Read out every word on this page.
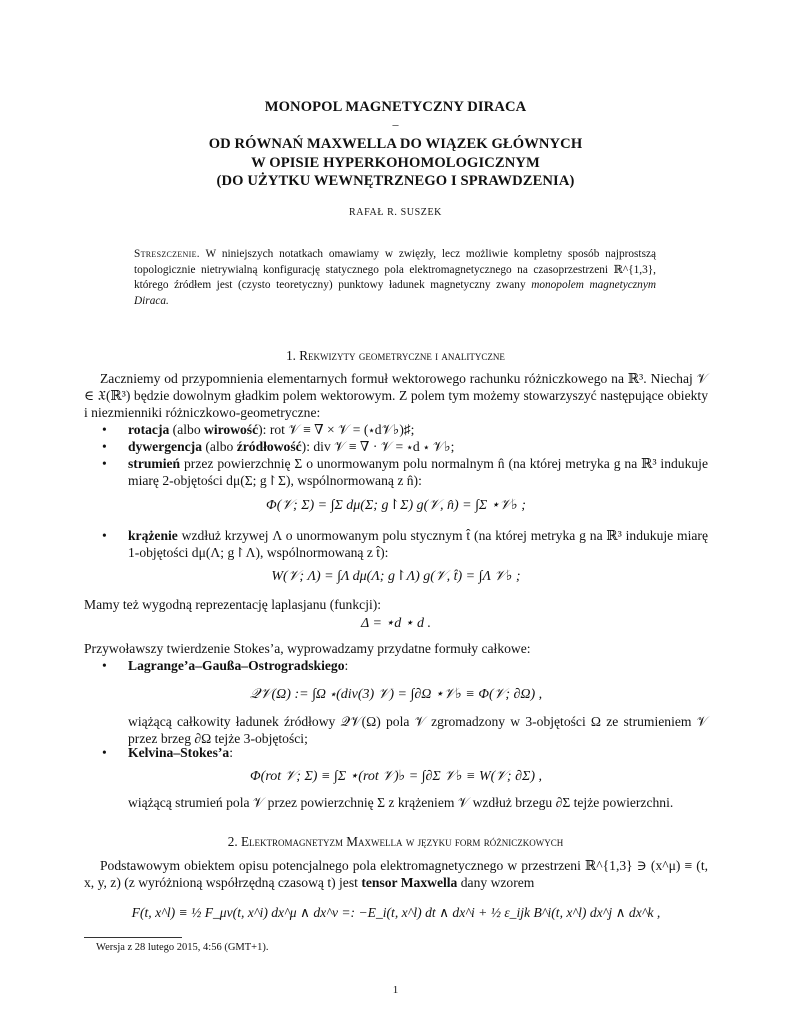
MONOPOL MAGNETYCZNY DIRACA
–
OD RÓWNAŃ MAXWELLA DO WIĄZEK GŁÓWNYCH
W OPISIE HYPERKOHOMOLOGICZNYM
(DO UŻYTKU WEWNĘTRZNEGO I SPRAWDZENIA)
RAFAŁ R. SUSZEK
Streszczenie. W niniejszych notatkach omawiamy w zwięzły, lecz możliwie kompletny sposób najprostszą topologicznie nietrywialną konfigurację statycznego pola elektromagnetycznego na czasoprzestrzeni ℝ^{1,3}, którego źródłem jest (czysto teoretyczny) punktowy ładunek magnetyczny zwany monopolem magnetycznym Diraca.
1. Rekwizyty geometryczne i analityczne
Zaczniemy od przypomnienia elementarnych formuł wektorowego rachunku różniczkowego na ℝ³. Niechaj 𝒱 ∈ 𝔛(ℝ³) będzie dowolnym gładkim polem wektorowym. Z polem tym możemy stowarzyszyć następujące obiekty i niezmienniki różniczkowo-geometryczne:
• rotacja (albo wirowość): rot 𝒱 ≡ ∇ × 𝒱 = (⋆d𝒱♭)♯;
• dywergencja (albo źródłowość): div 𝒱 ≡ ∇ · 𝒱 = ⋆d ⋆ 𝒱♭;
• strumień przez powierzchnię Σ o unormowanym polu normalnym n̂ (na której metryka g na ℝ³ indukuje miarę 2-objętości dμ(Σ; g↾Σ), wspólnormowaną z n̂):
Φ(𝒱; Σ) = ∫Σ dμ(Σ; g↾Σ) g(𝒱, n̂) = ∫Σ ⋆𝒱♭ ;
• krążenie wzdłuż krzywej Λ o unormowanym polu stycznym t̂ (na której metryka g na ℝ³ indukuje miarę 1-objętości dμ(Λ; g↾Λ), wspólnormowaną z t̂):
W(𝒱; Λ) = ∫Λ dμ(Λ; g↾Λ) g(𝒱, t̂) = ∫Λ 𝒱♭ ;
Mamy też wygodną reprezentację laplasjanu (funkcji):
Δ = ⋆d ⋆ d .
Przywoławszy twierdzenie Stokes’a, wyprowadzamy przydatne formuły całkowe:
• Lagrange’a–Gaußa–Ostrogradskiego:
𝒬𝒱(Ω) := ∫Ω ⋆(div(3) 𝒱) = ∫∂Ω ⋆𝒱♭ ≡ Φ(𝒱; ∂Ω) ,
wiążącą całkowity ładunek źródłowy 𝒬𝒱(Ω) pola 𝒱 zgromadzony w 3-objętości Ω ze strumieniem 𝒱 przez brzeg ∂Ω tejże 3-objętości;
• Kelvina–Stokes’a:
Φ(rot 𝒱; Σ) ≡ ∫Σ ⋆(rot 𝒱)♭ = ∫∂Σ 𝒱♭ ≡ W(𝒱; ∂Σ) ,
wiążącą strumień pola 𝒱 przez powierzchnię Σ z krążeniem 𝒱 wzdłuż brzegu ∂Σ tejże powierzchni.
2. Elektromagnetyzm Maxwella w języku form różniczkowych
Podstawowym obiektem opisu potencjalnego pola elektromagnetycznego w przestrzeni ℝ^{1,3} ∋ (x^μ) ≡ (t, x, y, z) (z wyróżnioną współrzędną czasową t) jest tensor Maxwella dany wzorem
F(t, x^l) ≡ ½ F_μν(t, x^i) dx^μ ∧ dx^ν =: −E_i(t, x^l) dt ∧ dx^i + ½ ε_ijk B^i(t, x^l) dx^j ∧ dx^k ,
Wersja z 28 lutego 2015, 4:56 (GMT+1).
1
